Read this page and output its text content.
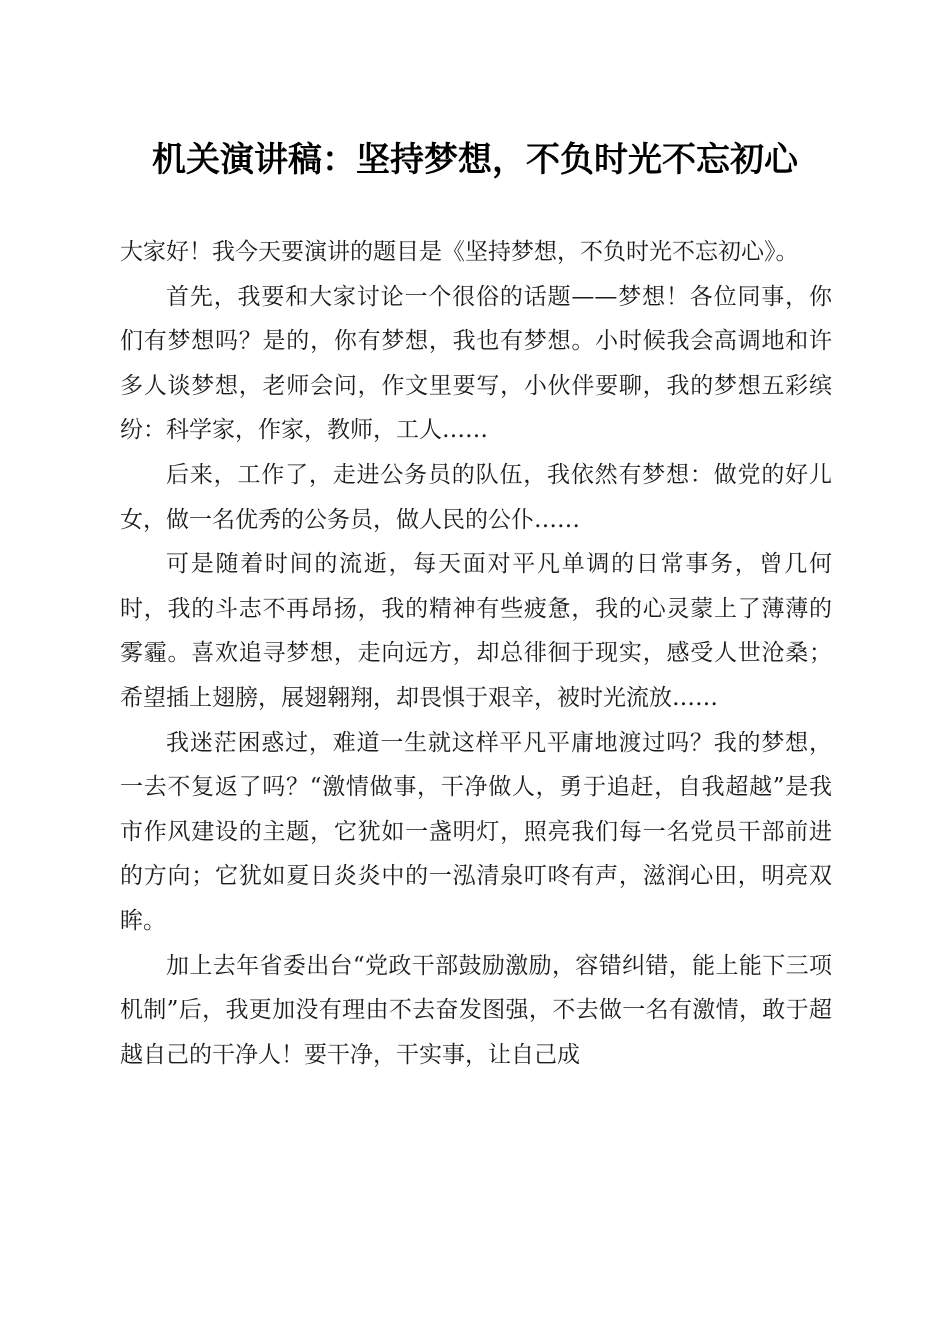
机关演讲稿：坚持梦想，不负时光不忘初心

大家好！我今天要演讲的题目是《坚持梦想，不负时光不忘初心》。

首先，我要和大家讨论一个很俗的话题——梦想！各位同事，你们有梦想吗？是的，你有梦想，我也有梦想。小时候我会高调地和许多人谈梦想，老师会问，作文里要写，小伙伴要聊，我的梦想五彩缤纷：科学家，作家，教师，工人……

后来，工作了，走进公务员的队伍，我依然有梦想：做党的好儿女，做一名优秀的公务员，做人民的公仆……

可是随着时间的流逝，每天面对平凡单调的日常事务，曾几何时，我的斗志不再昂扬，我的精神有些疲惫，我的心灵蒙上了薄薄的雾霾。喜欢追寻梦想，走向远方，却总徘徊于现实，感受人世沧桑；希望插上翅膀，展翅翱翔，却畏惧于艰辛，被时光流放……

我迷茫困惑过，难道一生就这样平凡平庸地渡过吗？我的梦想，一去不复返了吗？“激情做事，干净做人，勇于追赶，自我超越”是我市作风建设的主题，它犹如一盏明灯，照亮我们每一名党员干部前进的方向；它犹如夏日炎炎中的一泓清泉叮咚有声，滋润心田，明亮双眸。

加上去年省委出台“党政干部鼓励激励，容错纠错，能上能下三项机制”后，我更加没有理由不去奋发图强，不去做一名有激情，敢于超越自己的干净人！要干净，干实事，让自己成
